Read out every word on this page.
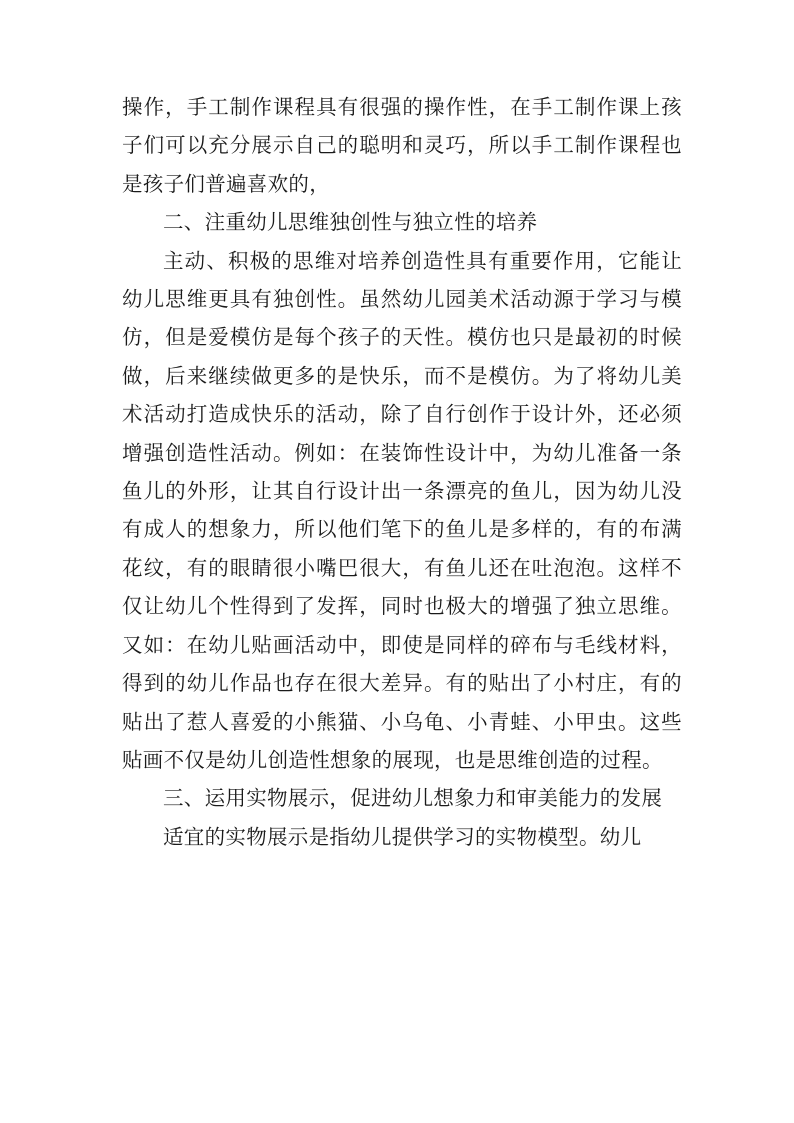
操作，手工制作课程具有很强的操作性，在手工制作课上孩子们可以充分展示自己的聪明和灵巧，所以手工制作课程也是孩子们普遍喜欢的，

二、注重幼儿思维独创性与独立性的培养

主动、积极的思维对培养创造性具有重要作用，它能让幼儿思维更具有独创性。虽然幼儿园美术活动源于学习与模仿，但是爱模仿是每个孩子的天性。模仿也只是最初的时候做，后来继续做更多的是快乐，而不是模仿。为了将幼儿美术活动打造成快乐的活动，除了自行创作于设计外，还必须增强创造性活动。例如：在装饰性设计中，为幼儿准备一条鱼儿的外形，让其自行设计出一条漂亮的鱼儿，因为幼儿没有成人的想象力，所以他们笔下的鱼儿是多样的，有的布满花纹，有的眼睛很小嘴巴很大，有鱼儿还在吐泡泡。这样不仅让幼儿个性得到了发挥，同时也极大的增强了独立思维。又如：在幼儿贴画活动中，即使是同样的碎布与毛线材料，得到的幼儿作品也存在很大差异。有的贴出了小村庄，有的贴出了惹人喜爱的小熊猫、小乌龟、小青蛙、小甲虫。这些贴画不仅是幼儿创造性想象的展现，也是思维创造的过程。

三、运用实物展示，促进幼儿想象力和审美能力的发展

适宜的实物展示是指幼儿提供学习的实物模型。幼儿
